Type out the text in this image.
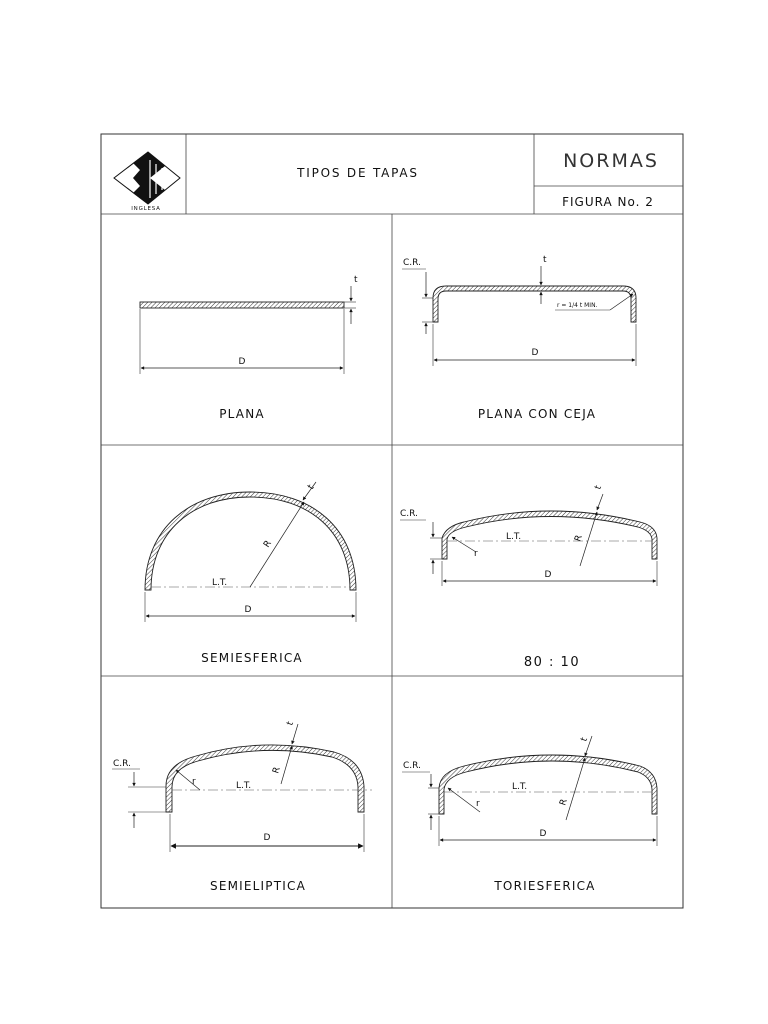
INGLESA
TIPOS DE TAPAS
NORMAS
FIGURA No. 2
t
D
PLANA
C.R.	t
r = 1/4 t MIN.
D
PLANA CON CEJA
L.T.
R
t
D
SEMIESFERICA
C.R.
L.T.
r
R
t
D
80 : 10
C.R.
L.T.
r
R
t
D
SEMIELIPTICA
C.R.
L.T.
r	R
t
D
TORIESFERICA
